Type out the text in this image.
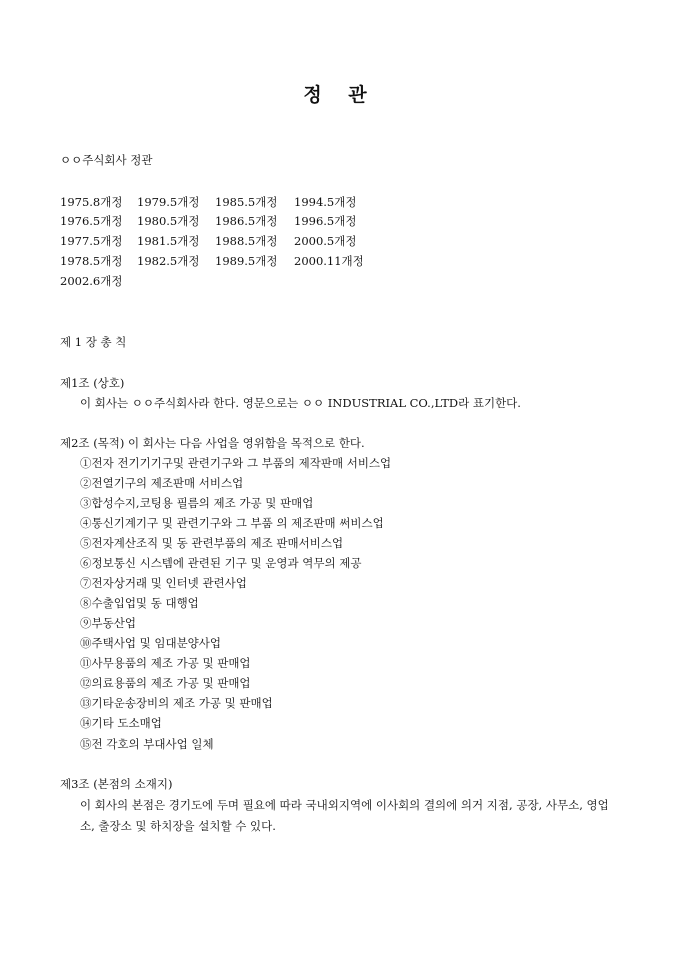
정 관
ㅇㅇ주식회사 정관
1975.8개정 1979.5개정 1985.5개정 1994.5개정
1976.5개정 1980.5개정 1986.5개정 1996.5개정
1977.5개정 1981.5개정 1988.5개정 2000.5개정
1978.5개정 1982.5개정 1989.5개정 2000.11개정
2002.6개정
제 1 장 총 칙
제1조 (상호)
이 회사는 ㅇㅇ주식회사라 한다. 영문으로는 ㅇㅇ INDUSTRIAL CO.,LTD라 표기한다.
제2조 (목적) 이 회사는 다음 사업을 영위함을 목적으로 한다.
①전자 전기기기구및 관련기구와 그 부품의 제작판매 서비스업
②전열기구의 제조판매 서비스업
③합성수지,코팅용 필름의 제조 가공 및 판매업
④통신기계기구 및 관련기구와 그 부품 의 제조판매 써비스업
⑤전자계산조직 및 동 관련부품의 제조 판매서비스업
⑥정보통신 시스템에 관련된 기구 및 운영과 역무의 제공
⑦전자상거래 및 인터넷 관련사업
⑧수출입업및 동 대행업
⑨부동산업
⑩주택사업 및 임대분양사업
⑪사무용품의 제조 가공 및 판매업
⑫의료용품의 제조 가공 및 판매업
⑬기타운송장비의 제조 가공 및 판매업
⑭기타 도소매업
⑮전 각호의 부대사업 일체
제3조 (본점의 소재지)
이 회사의 본점은 경기도에 두며 필요에 따라 국내외지역에 이사회의 결의에 의거 지점, 공장, 사무소, 영업소, 출장소 및 하치장을 설치할 수 있다.
